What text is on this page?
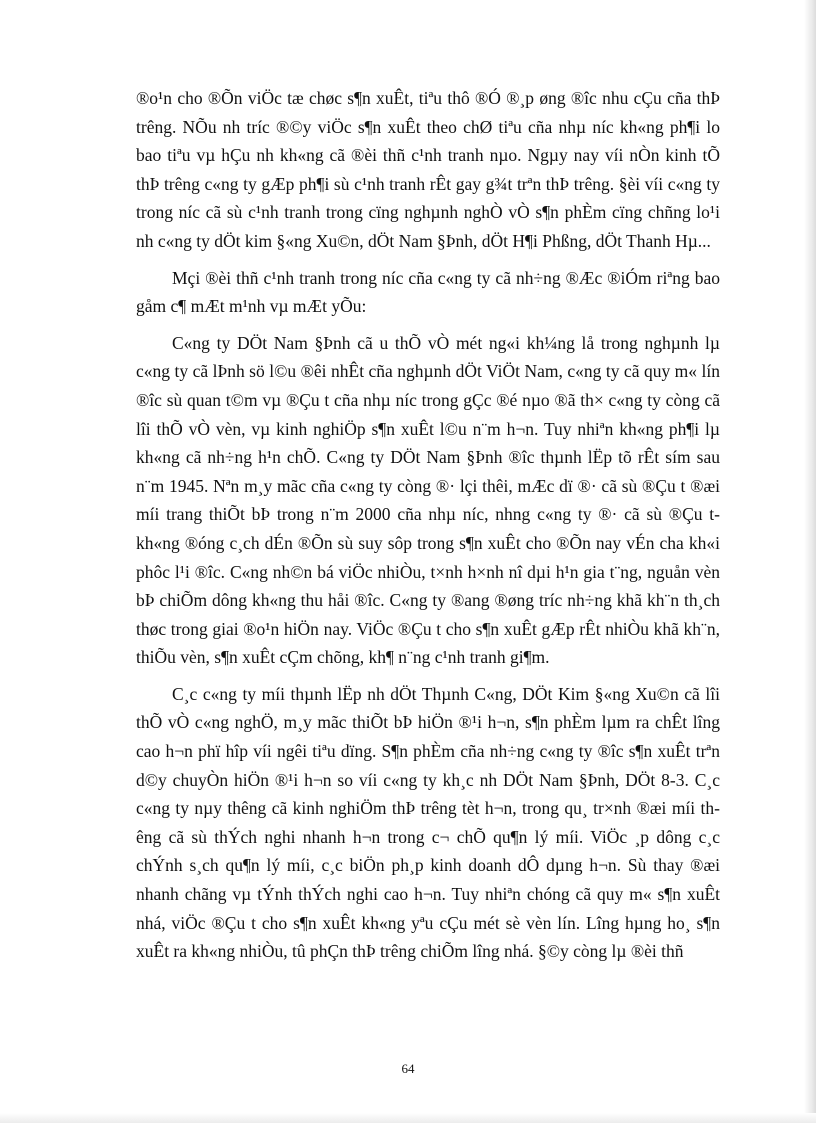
®o¹n cho ®Õn viÖc tæ chøc s¶n xuÊt, tiªu thô ®Ó ®¸p øng ®îc nhu cÇu cña thÞ trêng. NÕu nh tríc ®©y viÖc s¶n xuÊt theo chØ tiªu cña nhµ níc kh«ng ph¶i lo bao tiªu vµ hÇu nh kh«ng cã ®èi thñ c¹nh tranh nµo. Ngµy nay víi nÒn kinh tÕ thÞ trêng c«ng ty gÆp ph¶i sù c¹nh tranh rÊt gay g¾t trªn thÞ trêng. §èi víi c«ng ty trong níc cã sù c¹nh tranh trong cïng nghµnh nghÒ vÒ s¶n phÈm cïng chñng lo¹i nh c«ng ty dÖt kim §«ng Xu©n, dÖt Nam §Þnh, dÖt H¶i Phßng, dÖt Thanh Hµ...

Mçi ®èi thñ c¹nh tranh trong níc cña c«ng ty cã nh÷ng ®Æc ®iÓm riªng bao gåm c¶ mÆt m¹nh vµ mÆt yÕu:

C«ng ty DÖt Nam §Þnh cã u thÕ vÒ mét ng«i kh¼ng lå trong nghµnh lµ c«ng ty cã lÞnh sö l©u ®êi nhÊt cña nghµnh dÖt ViÖt Nam, c«ng ty cã quy m« lín ®îc sù quan t©m vµ ®Çu t cña nhµ níc trong gÇc ®é nµo ®ã th× c«ng ty còng cã lîi thÕ vÒ vèn, vµ kinh nghiÖp s¶n xuÊt l©u n¨m h¬n. Tuy nhiªn kh«ng ph¶i lµ kh«ng cã nh÷ng h¹n chÕ. C«ng ty DÖt Nam §Þnh ®îc thµnh lËp tõ rÊt sím sau n¨m 1945. Nªn m¸y mãc cña c«ng ty còng ®· lçi thêi, mÆc dï ®· cã sù ®Çu t ®æi míi trang thiÕt bÞ trong n¨m 2000 cña nhµ níc, nhng c«ng ty ®· cã sù ®Çu t kh«ng ®óng c¸ch dÉn ®Õn sù suy sôp trong s¶n xuÊt cho ®Õn nay vÉn cha kh«i phôc l¹i ®îc. C«ng nh©n bá viÖc nhiÒu, t×nh h×nh nî dµi h¹n gia t¨ng, nguån vèn bÞ chiÕm dông kh«ng thu håi ®îc. C«ng ty ®ang ®øng tríc nh÷ng khã kh¨n th¸ch thøc trong giai ®o¹n hiÖn nay. ViÖc ®Çu t cho s¶n xuÊt gÆp rÊt nhiÒu khã kh¨n, thiÕu vèn, s¶n xuÊt cÇm chõng, kh¶ n¨ng c¹nh tranh gi¶m.

C¸c c«ng ty míi thµnh lËp nh dÖt Thµnh C«ng, DÖt Kim §«ng Xu©n cã lîi thÕ vÒ c«ng nghÖ, m¸y mãc thiÕt bÞ hiÖn ®¹i h¬n, s¶n phÈm lµm ra chÊt lîng cao h¬n phï hîp víi ngêi tiªu dïng. S¶n phÈm cña nh÷ng c«ng ty ®îc s¶n xuÊt trªn d©y chuyÒn hiÖn ®¹i h¬n so víi c«ng ty kh¸c nh DÖt Nam §Þnh, DÖt 8-3. C¸c c«ng ty nµy thêng cã kinh nghiÖm thÞ trêng tèt h¬n, trong qu¸ tr×nh ®æi míi thêng cã sù thÝch nghi nhanh h¬n trong c¬ chÕ qu¶n lý míi. ViÖc ¸p dông c¸c chÝnh s¸ch qu¶n lý míi, c¸c biÖn ph¸p kinh doanh dÔ dµng h¬n. Sù thay ®æi nhanh chãng vµ tÝnh thÝch nghi cao h¬n. Tuy nhiªn chóng cã quy m« s¶n xuÊt nhá, viÖc ®Çu t cho s¶n xuÊt kh«ng yªu cÇu mét sè vèn lín. Lîng hµng ho¸ s¶n xuÊt ra kh«ng nhiÒu, tû phÇn thÞ trêng chiÕm lîng nhá. §©y còng lµ ®èi thñ

64
